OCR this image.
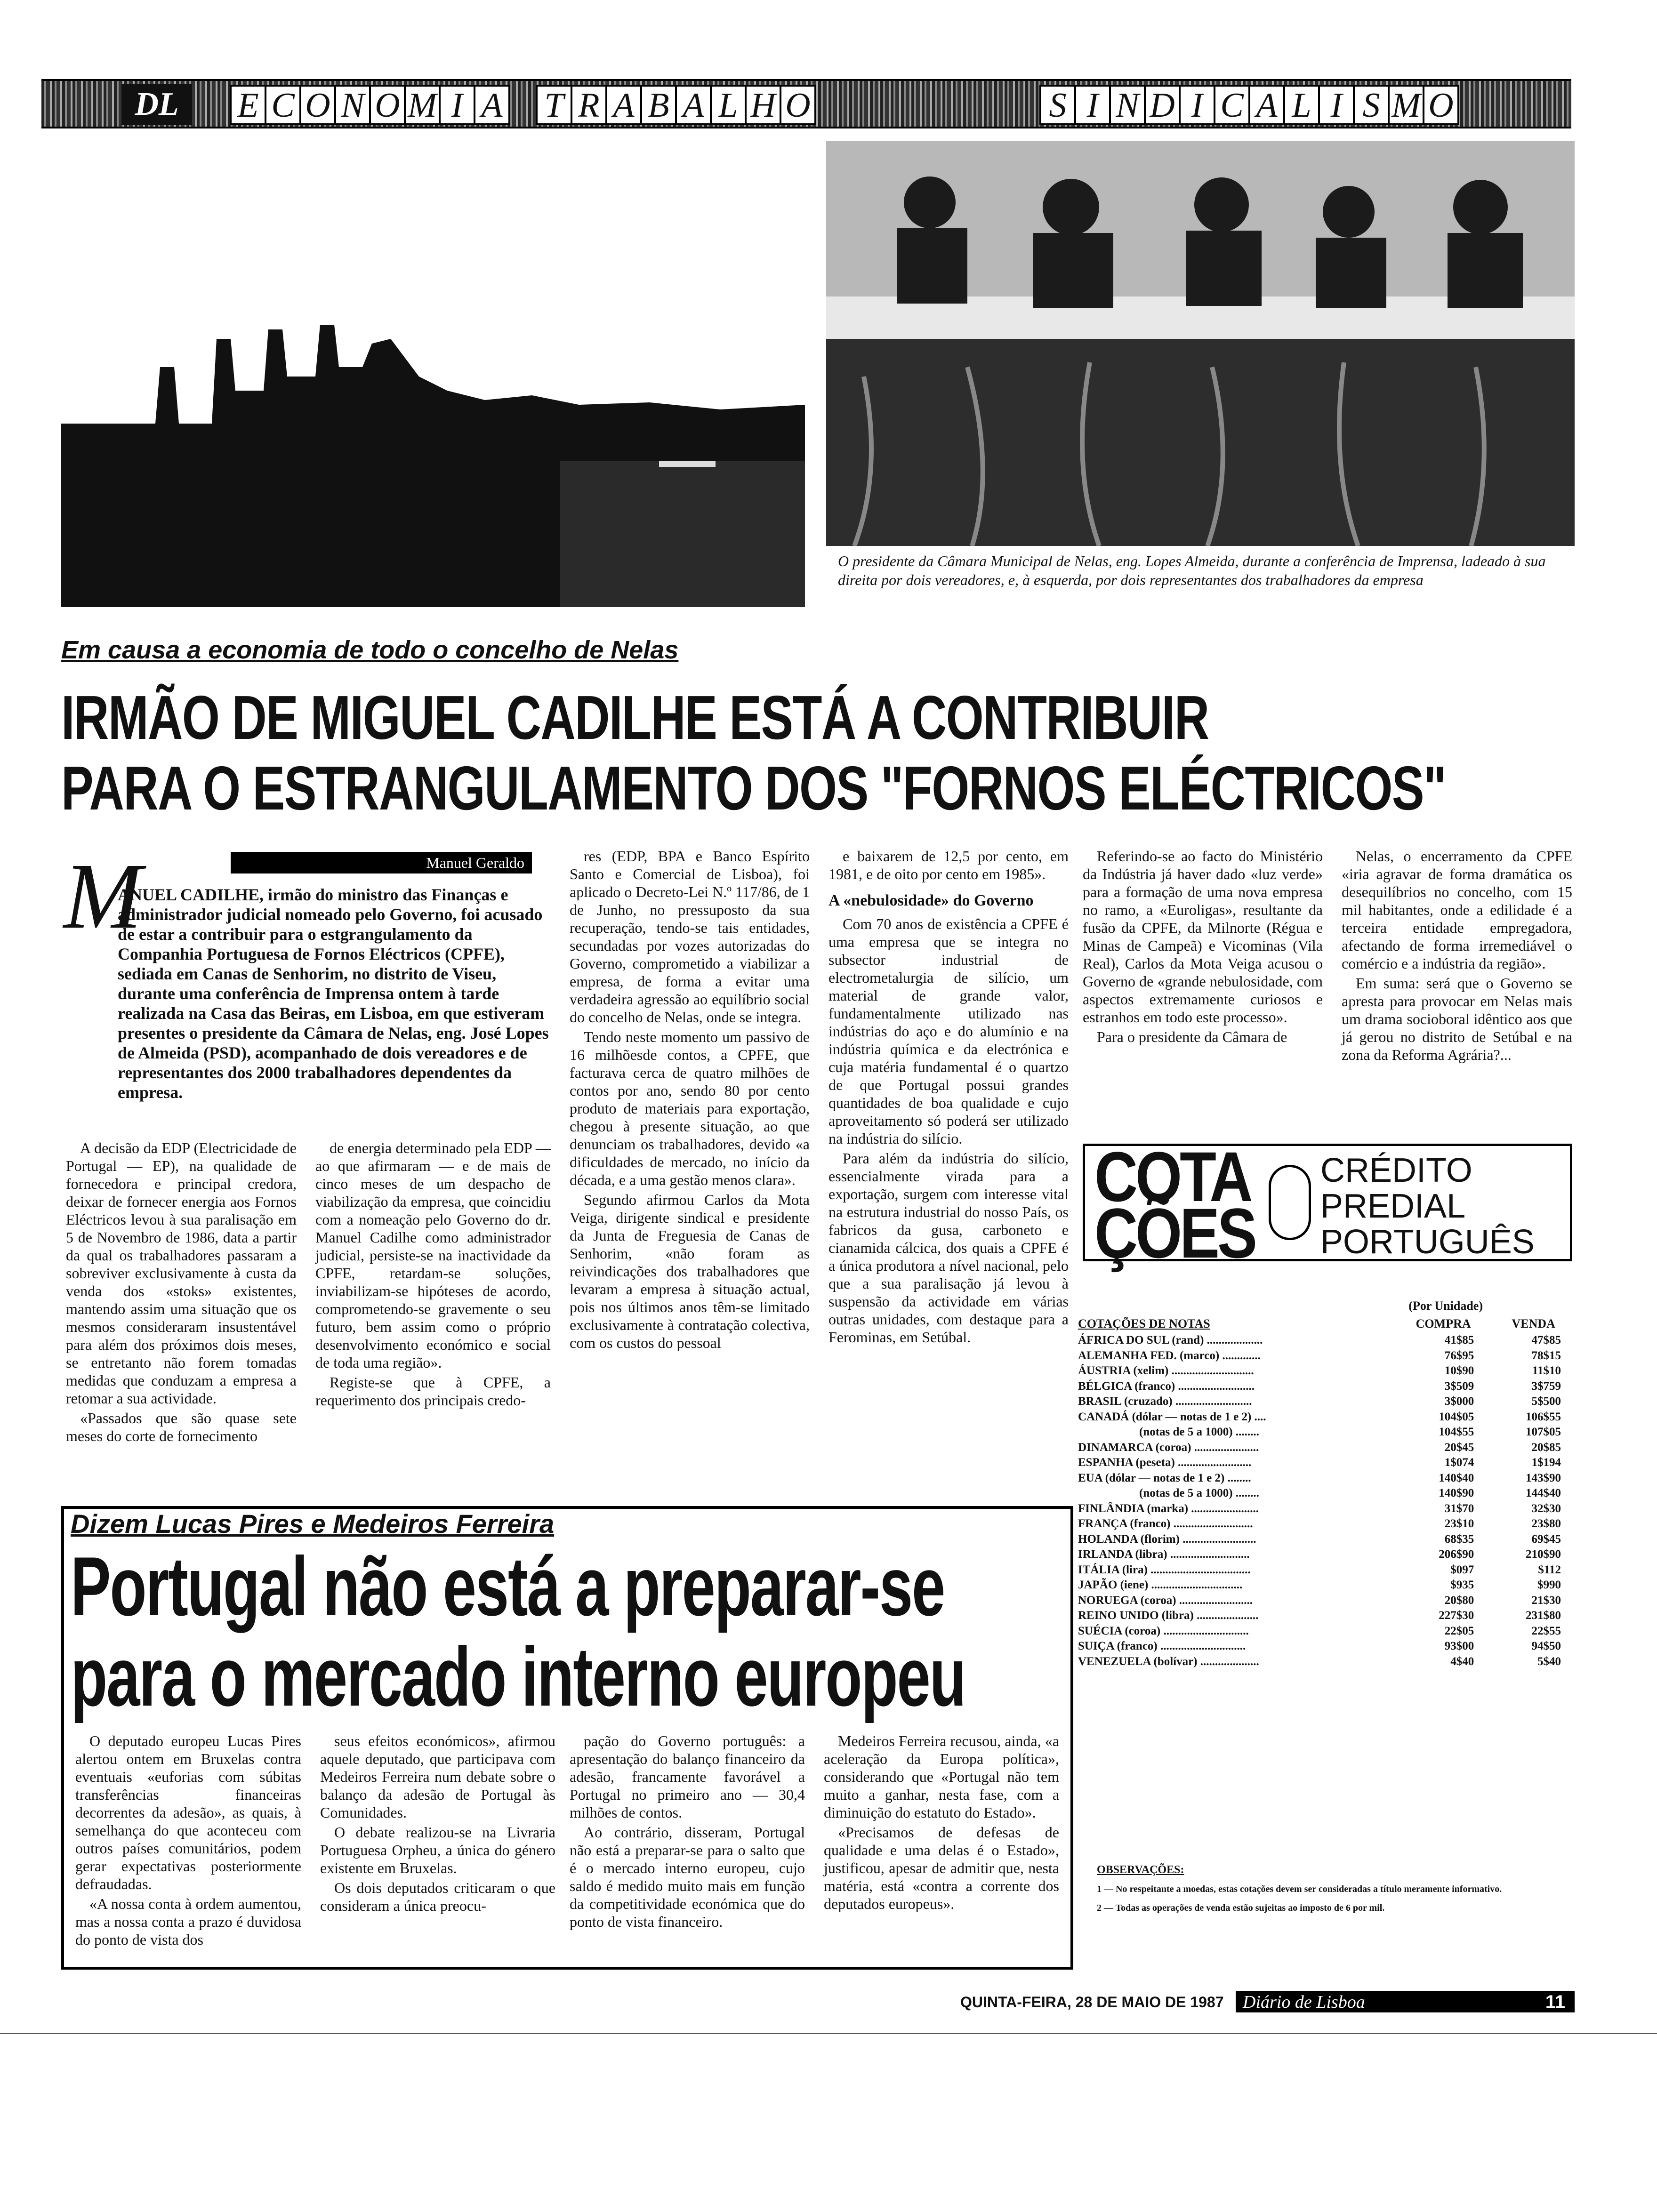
DL	E C O N O M I A T R A B A L H O	S I N D I C A L I S M O
O presidente da Câmara Municipal de Nelas, eng. Lopes Almeida, durante a conferência de Imprensa, ladeado à sua direita por dois vereadores, e, à esquerda, por dois representantes dos trabalhadores da empresa
Em causa a economia de todo o concelho de Nelas
IRMÃO DE MIGUEL CADILHE ESTÁ A CONTRIBUIR
PARA O ESTRANGULAMENTO DOS "FORNOS ELÉCTRICOS"
Manuel Geraldo
M
ANUEL CADILHE, irmão do ministro das Finanças e administrador judicial nomeado pelo Governo, foi acusado de estar a contribuir para o estgrangulamento da Companhia Portuguesa de Fornos Eléctricos (CPFE), sediada em Canas de Senhorim, no distrito de Viseu, durante uma conferência de Imprensa ontem à tarde realizada na Casa das Beiras, em Lisboa, em que estiveram presentes o presidente da Câmara de Nelas, eng. José Lopes de Almeida (PSD), acompanhado de dois vereadores e de representantes dos 2000 trabalhadores dependentes da empresa.

A decisão da EDP (Electricidade de Portugal — EP), na qualidade de fornecedora e principal credora, deixar de fornecer energia aos Fornos Eléctricos levou à sua paralisação em 5 de Novembro de 1986, data a partir da qual os trabalhadores passaram a sobreviver exclusivamente à custa da venda dos «stoks» existentes, mantendo assim uma situação que os mesmos consideraram insustentável para além dos próximos dois meses, se entretanto não forem tomadas medidas que conduzam a empresa a retomar a sua actividade.

«Passados que são quase sete meses do corte de fornecimento

de energia determinado pela EDP — ao que afirmaram — e de mais de cinco meses de um despacho de viabilização da empresa, que coincidiu com a nomeação pelo Governo do dr. Manuel Cadilhe como administrador judicial, persiste-se na inactividade da CPFE, retardam-se soluções, inviabilizam-se hipóteses de acordo, comprometendo-se gravemente o seu futuro, bem assim como o próprio desenvolvimento económico e social de toda uma região».

Registe-se que à CPFE, a requerimento dos principais credo-

res (EDP, BPA e Banco Espírito Santo e Comercial de Lisboa), foi aplicado o Decreto-Lei N.º 117/86, de 1 de Junho, no pressuposto da sua recuperação, tendo-se tais entidades, secundadas por vozes autorizadas do Governo, comprometido a viabilizar a empresa, de forma a evitar uma verdadeira agressão ao equilíbrio social do concelho de Nelas, onde se integra.

Tendo neste momento um passivo de 16 milhõesde contos, a CPFE, que facturava cerca de quatro milhões de contos por ano, sendo 80 por cento produto de materiais para exportação, chegou à presente situação, ao que denunciam os trabalhadores, devido «a dificuldades de mercado, no início da década, e a uma gestão menos clara».

Segundo afirmou Carlos da Mota Veiga, dirigente sindical e presidente da Junta de Freguesia de Canas de Senhorim, «não foram as reivindicações dos trabalhadores que levaram a empresa à situação actual, pois nos últimos anos têm-se limitado exclusivamente à contratação colectiva, com os custos do pessoal

e baixarem de 12,5 por cento, em 1981, e de oito por cento em 1985».

A «nebulosidade» do Governo

Com 70 anos de existência a CPFE é uma empresa que se integra no subsector industrial de electrometalurgia de silício, um material de grande valor, fundamentalmente utilizado nas indústrias do aço e do alumínio e na indústria química e da electrónica e cuja matéria fundamental é o quartzo de que Portugal possui grandes quantidades de boa qualidade e cujo aproveitamento só poderá ser utilizado na indústria do silício.

Para além da indústria do silício, essencialmente virada para a exportação, surgem com interesse vital na estrutura industrial do nosso País, os fabricos da gusa, carboneto e cianamida cálcica, dos quais a CPFE é a única produtora a nível nacional, pelo que a sua paralisação já levou à suspensão da actividade em várias outras unidades, com destaque para a Ferominas, em Setúbal.

Referindo-se ao facto do Ministério da Indústria já haver dado «luz verde» para a formação de uma nova empresa no ramo, a «Euroligas», resultante da fusão da CPFE, da Milnorte (Régua e Minas de Campeã) e Vicominas (Vila Real), Carlos da Mota Veiga acusou o Governo de «grande nebulosidade, com aspectos extremamente curiosos e estranhos em todo este processo».

Para o presidente da Câmara de

Nelas, o encerramento da CPFE «iria agravar de forma dramática os desequilíbrios no concelho, com 15 mil habitantes, onde a edilidade é a terceira entidade empregadora, afectando de forma irremediável o comércio e a indústria da região».

Em suma: será que o Governo se apresta para provocar em Nelas mais um drama socioboral idêntico aos que já gerou no distrito de Setúbal e na zona da Reforma Agrária?...

COTA
ÇÕES
CRÉDITO
PREDIAL
PORTUGUÊS
(Por Unidade)
COTAÇÕES DE NOTAS	COMPRA	VENDA
ÁFRICA DO SUL (rand) ...................	41$85	47$85
ALEMANHA FED. (marco) .............	76$95	78$15
ÁUSTRIA (xelim) ............................	10$90	11$10
BÉLGICA (franco) ..........................	3$509	3$759
BRASIL (cruzado) ..........................	3$000	5$500
CANADÁ (dólar — notas de 1 e 2) ....	104$05	106$55
(notas de 5 a 1000) ........	104$55	107$05
DINAMARCA (coroa) ......................	20$45	20$85
ESPANHA (peseta) .........................	1$074	1$194
EUA (dólar — notas de 1 e 2) ........	140$40	143$90
(notas de 5 a 1000) ........	140$90	144$40
FINLÂNDIA (marka) .......................	31$70	32$30
FRANÇA (franco) ...........................	23$10	23$80
HOLANDA (florim) .........................	68$35	69$45
IRLANDA (libra) ...........................	206$90	210$90
ITÁLIA (lira) ..................................	$097	$112
JAPÃO (iene) ...............................	$935	$990
NORUEGA (coroa) .........................	20$80	21$30
REINO UNIDO (libra) .....................	227$30	231$80
SUÉCIA (coroa) .............................	22$05	22$55
SUIÇA (franco) .............................	93$00	94$50
VENEZUELA (bolívar) ....................	4$40	5$40
OBSERVAÇÕES:

1 — No respeitante a moedas, estas cotações devem ser consideradas a título meramente informativo.

2 — Todas as operações de venda estão sujeitas ao imposto de 6 por mil.

Dizem Lucas Pires e Medeiros Ferreira
Portugal não está a preparar-se
para o mercado interno europeu

O deputado europeu Lucas Pires alertou ontem em Bruxelas contra eventuais «euforias com súbitas transferências financeiras decorrentes da adesão», as quais, à semelhança do que aconteceu com outros países comunitários, podem gerar expectativas posteriormente defraudadas.

«A nossa conta à ordem aumentou, mas a nossa conta a prazo é duvidosa do ponto de vista dos

seus efeitos económicos», afirmou aquele deputado, que participava com Medeiros Ferreira num debate sobre o balanço da adesão de Portugal às Comunidades.

O debate realizou-se na Livraria Portuguesa Orpheu, a única do género existente em Bruxelas.

Os dois deputados criticaram o que consideram a única preocu-

pação do Governo português: a apresentação do balanço financeiro da adesão, francamente favorável a Portugal no primeiro ano — 30,4 milhões de contos.

Ao contrário, disseram, Portugal não está a preparar-se para o salto que é o mercado interno europeu, cujo saldo é medido muito mais em função da competitividade económica que do ponto de vista financeiro.

Medeiros Ferreira recusou, ainda, «a aceleração da Europa política», considerando que «Portugal não tem muito a ganhar, nesta fase, com a diminuição do estatuto do Estado».

«Precisamos de defesas de qualidade e uma delas é o Estado», justificou, apesar de admitir que, nesta matéria, está «contra a corrente dos deputados europeus».

QUINTA-FEIRA, 28 DE MAIO DE 1987 Diário de Lisboa	11
